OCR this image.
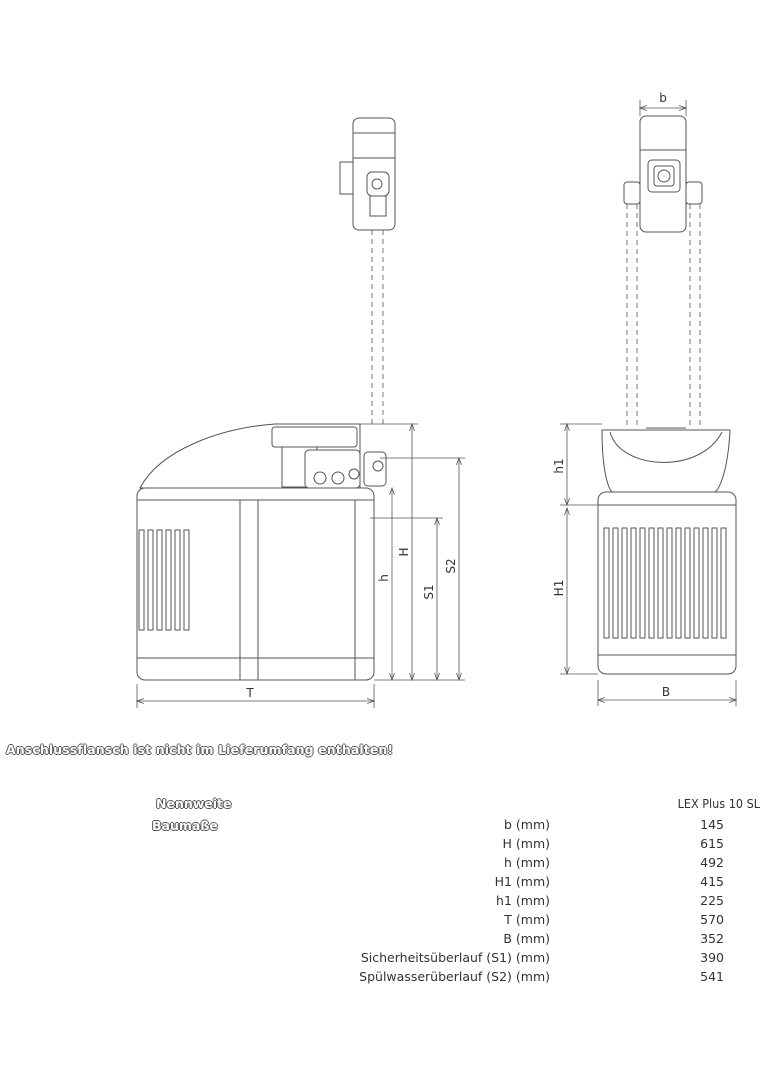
b
h1
H1
B
T
h
H
S1
S2
Anschlussflansch ist nicht im Lieferumfang enthalten!
Nennweite
Baumaße
LEX Plus 10 SL
b (mm)	145
H (mm)	615
h (mm)	492
H1 (mm)	415
h1 (mm)	225
T (mm)	570
B (mm)	352
Sicherheitsüberlauf (S1) (mm)	390
Spülwasserüberlauf (S2) (mm)	541
